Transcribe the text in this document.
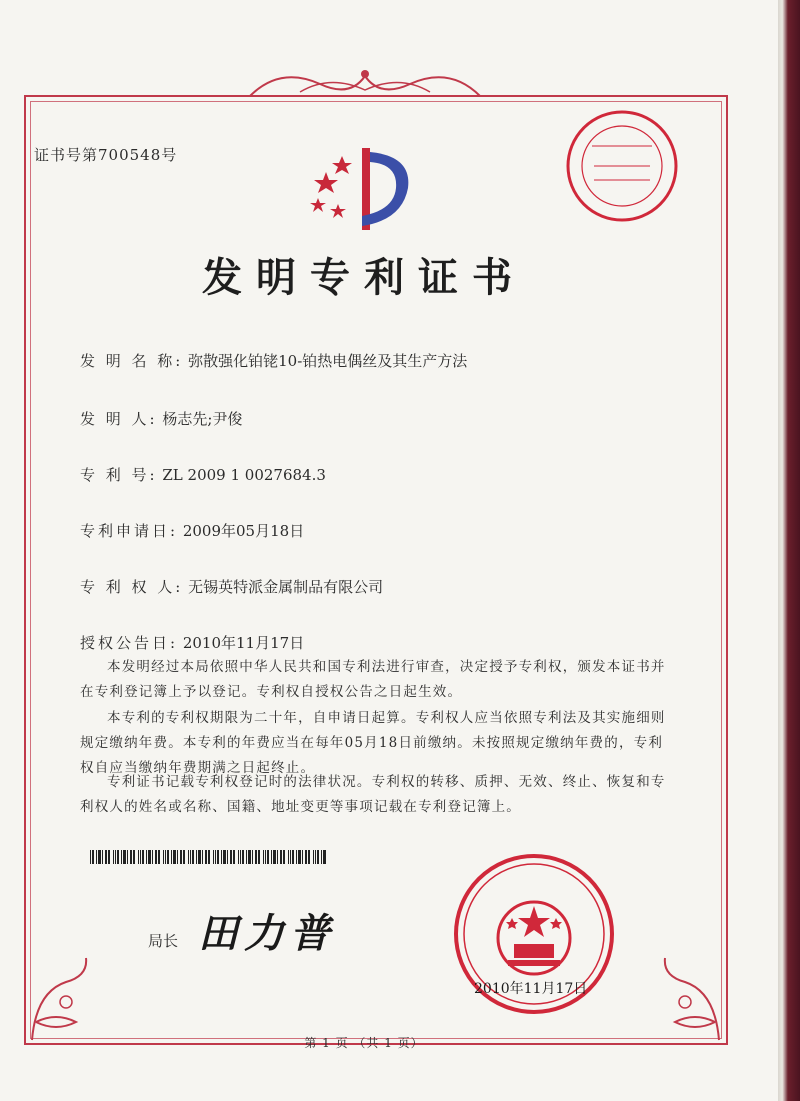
证书号第700548号
发明专利证书
发 明 名 称: 弥散强化铂铑10-铂热电偶丝及其生产方法
发 明 人: 杨志先;尹俊
专 利 号: ZL 2009 1 0027684.3
专利申请日: 2009年05月18日
专 利 权 人: 无锡英特派金属制品有限公司
授权公告日: 2010年11月17日

本发明经过本局依照中华人民共和国专利法进行审查，决定授予专利权，颁发本证书并在专利登记簿上予以登记。专利权自授权公告之日起生效。

本专利的专利权期限为二十年，自申请日起算。专利权人应当依照专利法及其实施细则规定缴纳年费。本专利的年费应当在每年05月18日前缴纳。未按照规定缴纳年费的，专利权自应当缴纳年费期满之日起终止。

专利证书记载专利权登记时的法律状况。专利权的转移、质押、无效、终止、恢复和专利权人的姓名或名称、国籍、地址变更等事项记载在专利登记簿上。

局长 田力普
2010年11月17日
第 1 页 （共 1 页）
